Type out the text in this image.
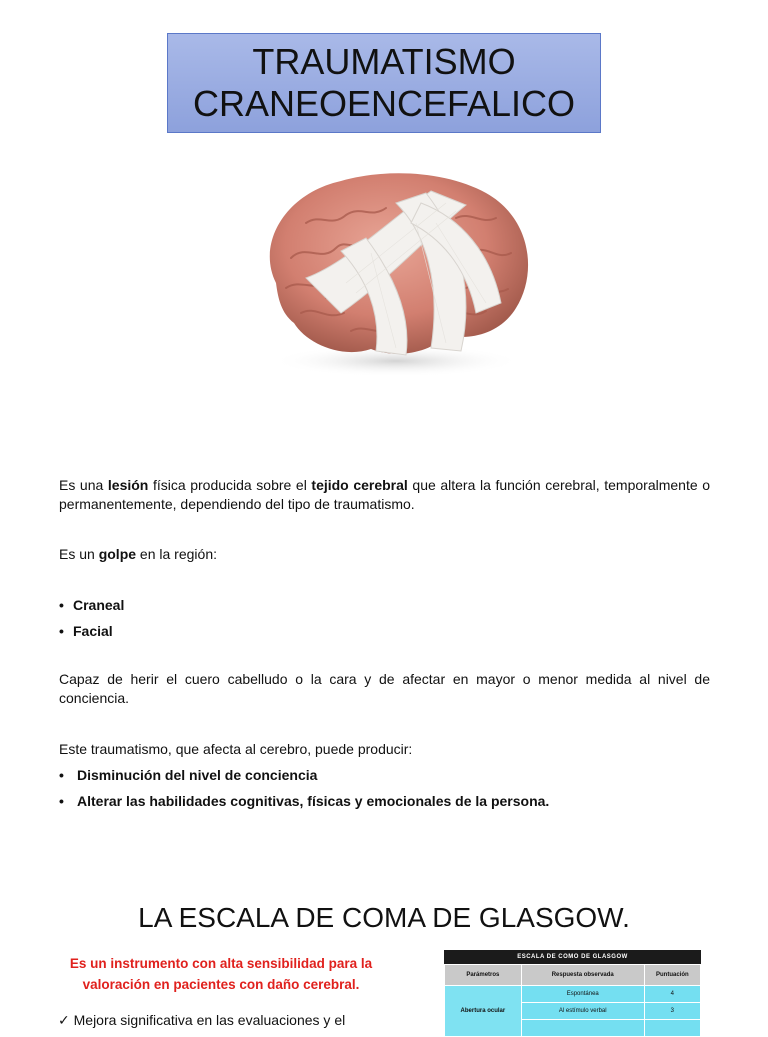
TRAUMATISMO
CRANEOENCEFALICO
Es una lesión física producida sobre el tejido cerebral que altera la función cerebral, temporalmente o permanentemente, dependiendo del tipo de traumatismo.
Es un golpe en la región:
• Craneal
• Facial
Capaz de herir el cuero cabelludo o la cara y de afectar en mayor o menor medida al nivel de conciencia.
Este traumatismo, que afecta al cerebro, puede producir:
• Disminución del nivel de conciencia
• Alterar las habilidades cognitivas, físicas y emocionales de la persona.
LA ESCALA DE COMA DE GLASGOW.
Es un instrumento con alta sensibilidad para la valoración en pacientes con daño cerebral.
✓ Mejora significativa en las evaluaciones y el
ESCALA DE COMO DE GLASGOW
Parámetros	Respuesta observada	Puntuación
Abertura ocular	Espontánea	4
	Al estímulo verbal	3
